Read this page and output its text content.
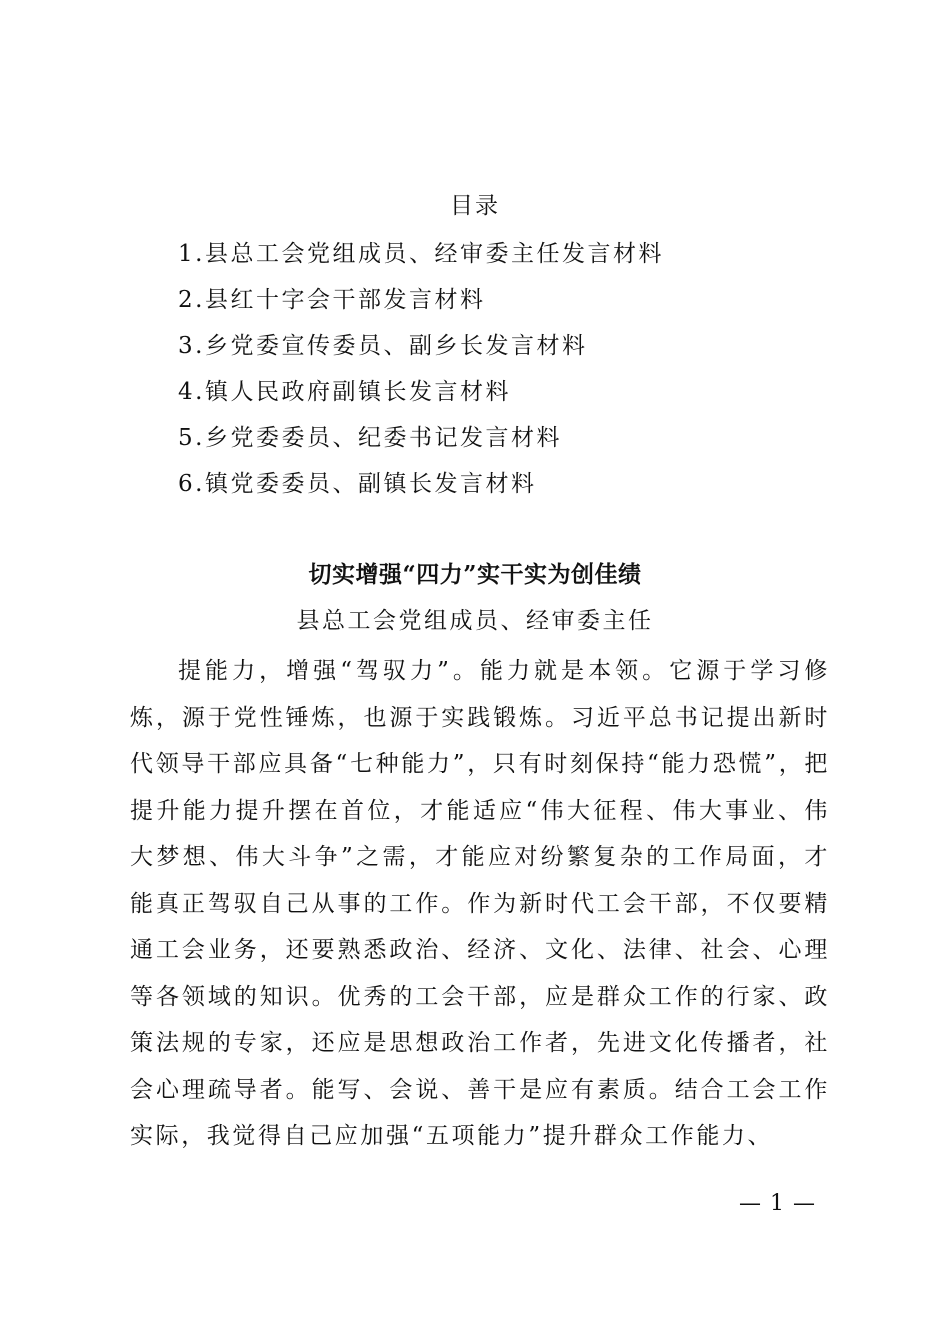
目录
1.县总工会党组成员、经审委主任发言材料
2.县红十字会干部发言材料
3.乡党委宣传委员、副乡长发言材料
4.镇人民政府副镇长发言材料
5.乡党委委员、纪委书记发言材料
6.镇党委委员、副镇长发言材料
切实增强“四力”实干实为创佳绩
县总工会党组成员、经审委主任

提能力，增强“驾驭力”。能力就是本领。它源于学习修炼，源于党性锤炼，也源于实践锻炼。习近平总书记提出新时代领导干部应具备“七种能力”，只有时刻保持“能力恐慌”，把提升能力提升摆在首位，才能适应“伟大征程、伟大事业、伟大梦想、伟大斗争”之需，才能应对纷繁复杂的工作局面，才能真正驾驭自己从事的工作。作为新时代工会干部，不仅要精通工会业务，还要熟悉政治、经济、文化、法律、社会、心理等各领域的知识。优秀的工会干部，应是群众工作的行家、政策法规的专家，还应是思想政治工作者，先进文化传播者，社会心理疏导者。能写、会说、善干是应有素质。结合工会工作实际，我觉得自己应加强“五项能力”提升群众工作能力、

— 1 —
